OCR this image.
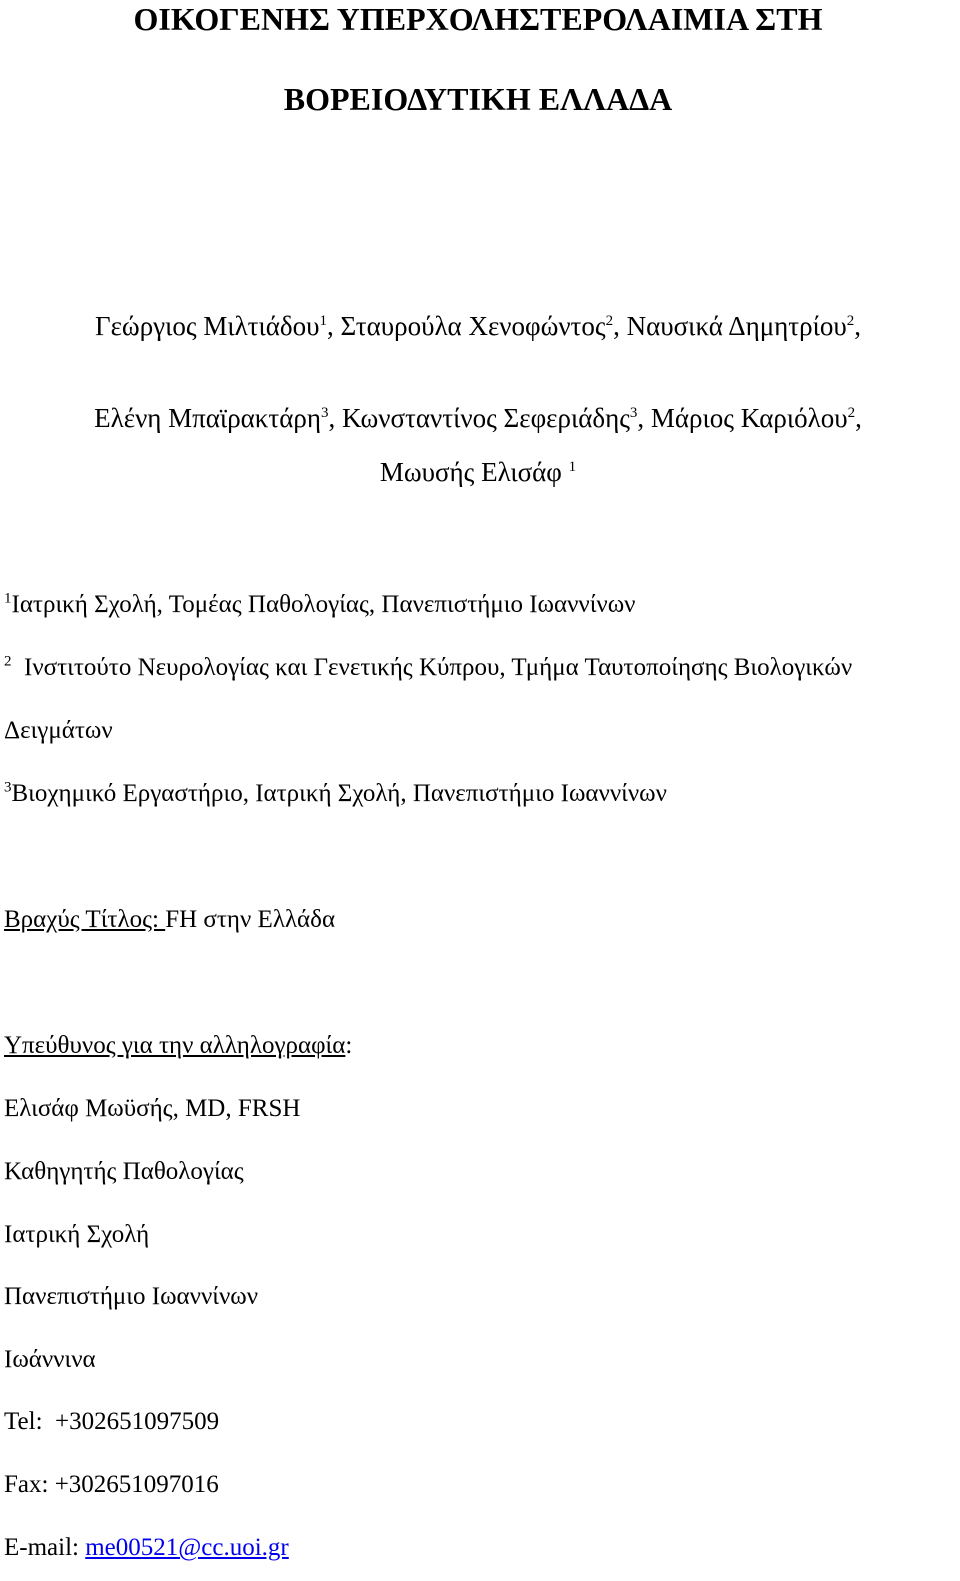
ΟΙΚΟΓΕΝΗΣ ΥΠΕΡΧΟΛΗΣΤΕΡΟΛΑΙΜΙΑ ΣΤΗ
ΒΟΡΕΙΟΔΥΤΙΚΗ ΕΛΛΑΔΑ
Γεώργιος Μιλτιάδου$^1$, Σταυρούλα Χενοφώντος$^2$, Ναυσικά Δημητρίου$^2$,
Ελένη Μπαϊρακτάρη$^3$, Κωνσταντίνος Σεφεριάδης$^3$, Μάριος Καριόλου$^2$,
Μωυσής Ελισάφ $^1$
$^1$Ιατρική Σχολή, Τομέας Παθολογίας, Πανεπιστήμιο Ιωαννίνων
$^2$ Ινστιτούτο Νευρολογίας και Γενετικής Κύπρου, Τμήμα Ταυτοποίησης Βιολογικών
Δειγμάτων
$^3$Βιοχημικό Εργαστήριο, Ιατρική Σχολή, Πανεπιστήμιο Ιωαννίνων
Βραχύς Τίτλος: FH στην Ελλάδα
Υπεύθυνος για την αλληλογραφία:
Ελισάφ Μωϋσής, MD, FRSH
Καθηγητής Παθολογίας
Ιατρική Σχολή
Πανεπιστήμιο Ιωαννίνων
Ιωάννινα
Tel:  +302651097509
Fax: +302651097016
E-mail: me00521@cc.uoi.gr
